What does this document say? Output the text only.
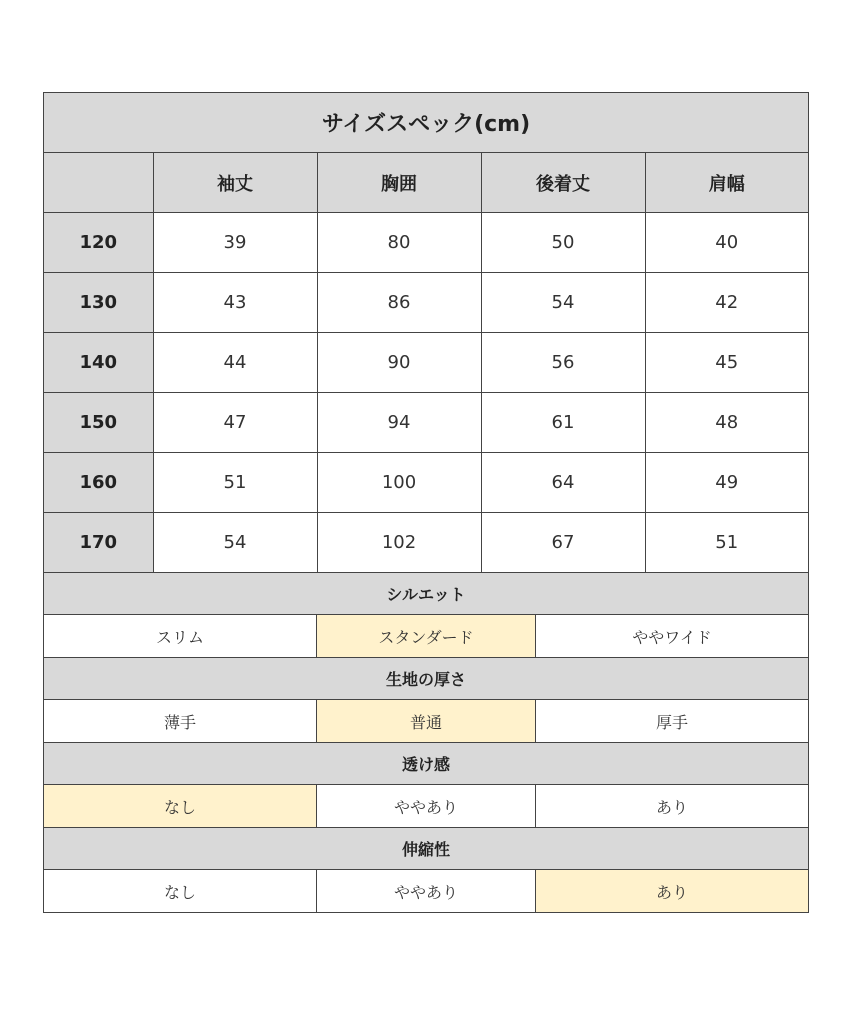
サイズスペック(cm)
	袖丈	胸囲	後着丈	肩幅
120	39	80	50	40
130	43	86	54	42
140	44	90	56	45
150	47	94	61	48
160	51	100	64	49
170	54	102	67	51
シルエット
スリム	スタンダード	ややワイド
生地の厚さ
薄手	普通	厚手
透け感
なし	ややあり	あり
伸縮性
なし	ややあり	あり
